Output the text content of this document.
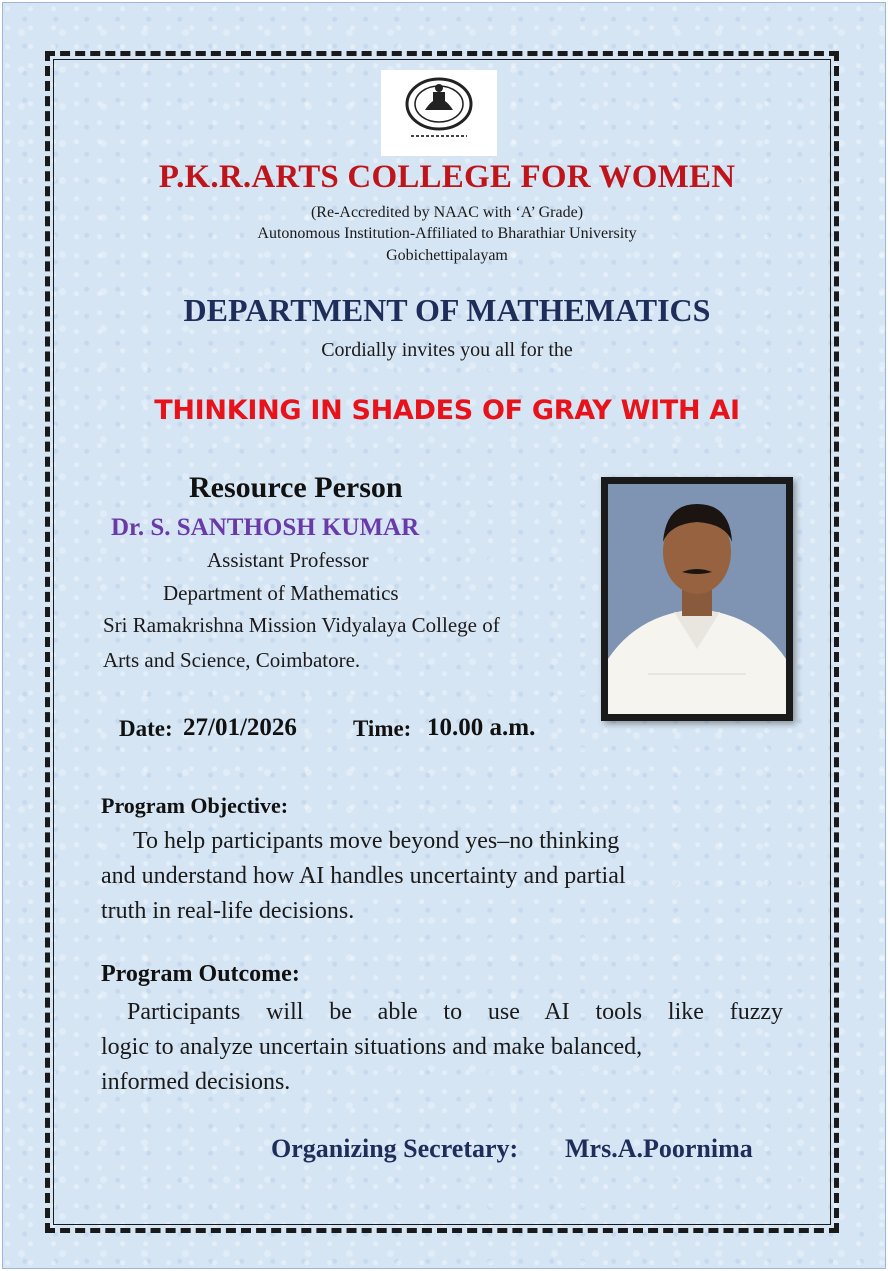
P.K.R.ARTS COLLEGE FOR WOMEN
(Re-Accredited by NAAC with ‘A’ Grade)
Autonomous Institution-Affiliated to Bharathiar University
Gobichettipalayam
DEPARTMENT OF MATHEMATICS
Cordially invites you all for the
THINKING IN SHADES OF GRAY WITH AI
Resource Person
Dr. S. SANTHOSH KUMAR
Assistant Professor
Department of Mathematics
Sri Ramakrishna Mission Vidyalaya College of
Arts and Science, Coimbatore.
Date: 27/01/2026 Time: 10.00 a.m.
Program Objective:
To help participants move beyond yes–no thinking
and understand how AI handles uncertainty and partial
truth in real-life decisions.
Program Outcome:
Participants will be able to use AI tools like fuzzy
logic to analyze uncertain situations and make balanced,
informed decisions.
Organizing Secretary: Mrs.A.Poornima
